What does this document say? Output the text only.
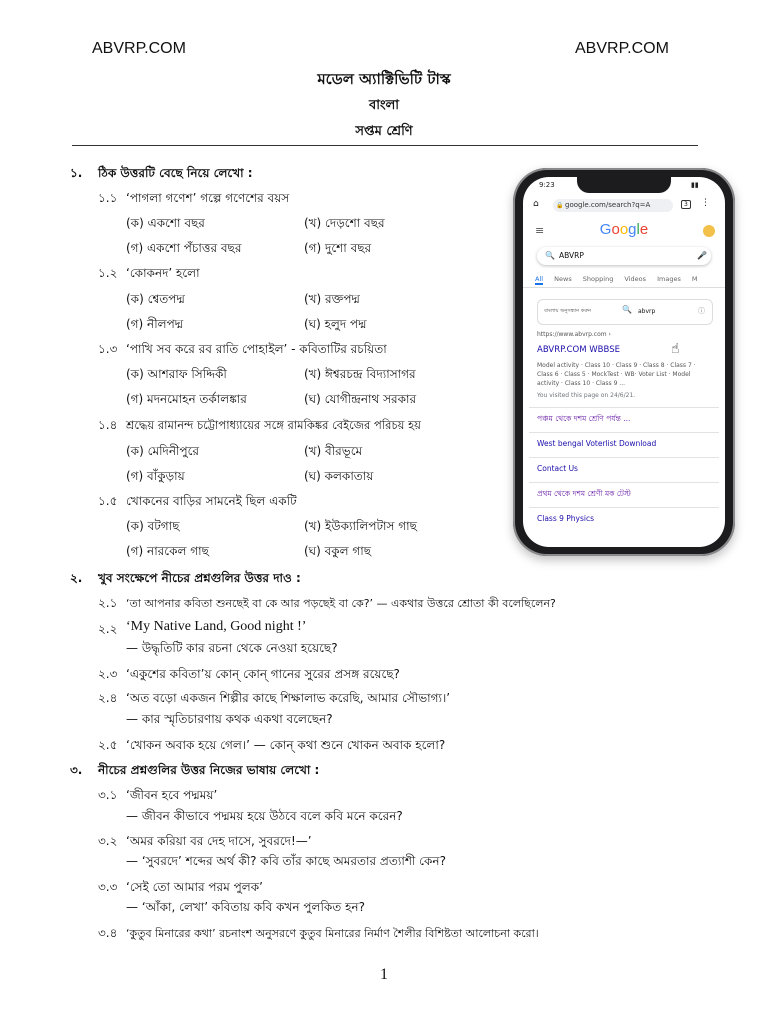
ABVRP.COM	ABVRP.COM
মডেল অ্যাক্টিভিটি টাস্ক
বাংলা
সপ্তম শ্রেণি
১. ঠিক উত্তরটি বেছে নিয়ে লেখো :
১.১ ‘পাগলা গণেশ’ গল্পে গণেশের বয়স
(ক) একশো বছর	(খ) দেড়শো বছর
(গ) একশো পঁচাত্তর বছর	(গ) দুশো বছর
১.২ ‘কোকনদ’ হলো
(ক) শ্বেতপদ্ম	(খ) রক্তপদ্ম
(গ) নীলপদ্ম	(ঘ) হলুদ পদ্ম
১.৩ ‘পাখি সব করে রব রাতি পোহাইল’ - কবিতাটির রচয়িতা
(ক) আশরাফ সিদ্দিকী	(খ) ঈশ্বরচন্দ্র বিদ্যাসাগর
(গ) মদনমোহন তর্কালঙ্কার	(ঘ) যোগীন্দ্রনাথ সরকার
১.৪ শ্রদ্ধেয় রামানন্দ চট্টোপাধ্যায়ের সঙ্গে রামকিঙ্কর বেইজের পরিচয় হয়
(ক) মেদিনীপুরে	(খ) বীরভূমে
(গ) বাঁকুড়ায়	(ঘ) কলকাতায়
১.৫ খোকনের বাড়ির সামনেই ছিল একটি
(ক) বটগাছ	(খ) ইউক্যালিপটাস গাছ
(গ) নারকেল গাছ	(ঘ) বকুল গাছ
২. খুব সংক্ষেপে নীচের প্রশ্নগুলির উত্তর দাও :
২.১ ‘তা আপনার কবিতা শুনছেই বা কে আর পড়ছেই বা কে?’ — একথার উত্তরে শ্রোতা কী বলেছিলেন?
২.২ ‘My Native Land, Good night !’
— উদ্ধৃতিটি কার রচনা থেকে নেওয়া হয়েছে?
২.৩ ‘একুশের কবিতা’য় কোন্ কোন্ গানের সুরের প্রসঙ্গ রয়েছে?
২.৪ ‘অত বড়ো একজন শিল্পীর কাছে শিক্ষালাভ করেছি, আমার সৌভাগ্য।’
— কার স্মৃতিচারণায় কথক একথা বলেছেন?
২.৫ ‘খোকন অবাক হয়ে গেল।’ — কোন্ কথা শুনে খোকন অবাক হলো?
৩. নীচের প্রশ্নগুলির উত্তর নিজের ভাষায় লেখো :
৩.১ ‘জীবন হবে পদ্মময়’
— জীবন কীভাবে পদ্মময় হয়ে উঠবে বলে কবি মনে করেন?
৩.২ ‘অমর করিয়া বর দেহ দাসে, সুবরদে!—’
— ‘সুবরদে’ শব্দের অর্থ কী? কবি তাঁর কাছে অমরতার প্রত্যাশী কেন?
৩.৩ ‘সেই তো আমার পরম পুলক’
— ‘আঁকা, লেখা’ কবিতায় কবি কখন পুলকিত হন?
৩.৪ ‘কুতুব মিনারের কথা’ রচনাংশ অনুসরণে কুতুব মিনারের নির্মাণ শৈলীর বিশিষ্টতা আলোচনা করো।
1
9:23	▮▮
⌂	🔒 google.com/search?q=A	3	⋮
≡	Google
🔍 ABVRP	🎤
All News Shopping Videos Images M
বাংলায় অনুসন্ধান করুন	🔍 abvrp	ⓘ
https://www.abvrp.com ›
ABVRP.COM WBBSE	☝
Model activity · Class 10 · Class 9 · Class 8 · Class 7 ·
Class 6 · Class 5 · MockTest · WB· Voter List · Model
activity · Class 10 · Class 9 ...
You visited this page on 24/6/21.
পঞ্চম থেকে দশম শ্রেণি পর্যন্ত ...
West bengal Voterlist Download
Contact Us
প্রথম থেকে দশম শ্রেণী মক টেস্ট
Class 9 Physics
